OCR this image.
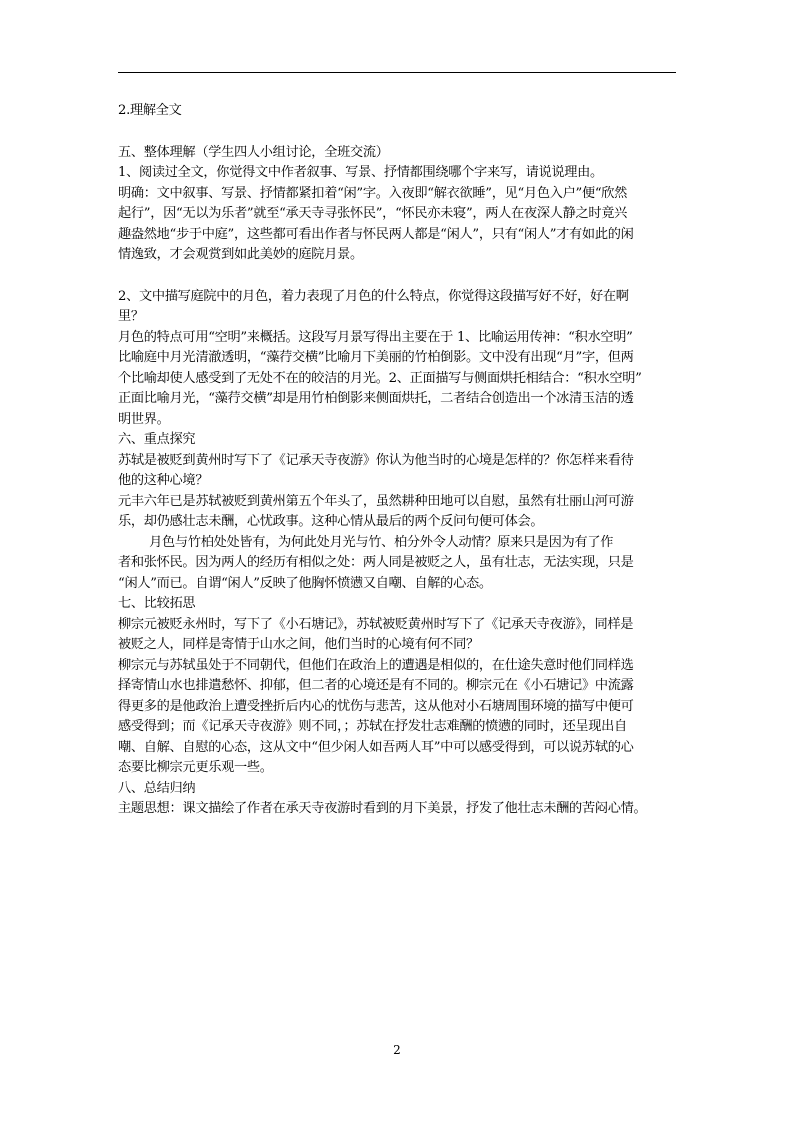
2.理解全文

五、整体理解（学生四人小组讨论，全班交流）

1、阅读过全文，你觉得文中作者叙事、写景、抒情都围绕哪个字来写，请说说理由。

明确：文中叙事、写景、抒情都紧扣着“闲”字。入夜即“解衣欲睡”，见“月色入户”便“欣然

起行”，因“无以为乐者”就至“承天寺寻张怀民”，“怀民亦未寝”，两人在夜深人静之时竟兴

趣盎然地“步于中庭”，这些都可看出作者与怀民两人都是“闲人”，只有“闲人”才有如此的闲

情逸致，才会观赏到如此美妙的庭院月景。

2、文中描写庭院中的月色，着力表现了月色的什么特点，你觉得这段描写好不好，好在啊

里？

月色的特点可用“空明”来概括。这段写月景写得出主要在于 1、比喻运用传神：“积水空明”

比喻庭中月光清澈透明，“藻荇交横”比喻月下美丽的竹柏倒影。文中没有出现“月”字，但两

个比喻却使人感受到了无处不在的皎洁的月光。2、正面描写与侧面烘托相结合：“积水空明”

正面比喻月光，“藻荇交横”却是用竹柏倒影来侧面烘托，二者结合创造出一个冰清玉洁的透

明世界。

六、重点探究

苏轼是被贬到黄州时写下了《记承天寺夜游》你认为他当时的心境是怎样的？你怎样来看待

他的这种心境？

元丰六年已是苏轼被贬到黄州第五个年头了，虽然耕种田地可以自慰，虽然有壮丽山河可游

乐，却仍感壮志未酬，心忧政事。这种心情从最后的两个反问句便可体会。

月色与竹柏处处皆有，为何此处月光与竹、柏分外令人动情？原来只是因为有了作

者和张怀民。因为两人的经历有相似之处：两人同是被贬之人，虽有壮志，无法实现，只是

“闲人”而已。自谓“闲人”反映了他胸怀愤懑又自嘲、自解的心态。

七、比较拓思

柳宗元被贬永州时，写下了《小石塘记》，苏轼被贬黄州时写下了《记承天寺夜游》，同样是

被贬之人，同样是寄情于山水之间，他们当时的心境有何不同？

柳宗元与苏轼虽处于不同朝代，但他们在政治上的遭遇是相似的，在仕途失意时他们同样选

择寄情山水也排遣愁怀、抑郁，但二者的心境还是有不同的。柳宗元在《小石塘记》中流露

得更多的是他政治上遭受挫折后内心的忧伤与悲苦，这从他对小石塘周围环境的描写中便可

感受得到；而《记承天寺夜游》则不同，；苏轼在抒发壮志难酬的愤懑的同时，还呈现出自

嘲、自解、自慰的心态，这从文中“但少闲人如吾两人耳”中可以感受得到，可以说苏轼的心

态要比柳宗元更乐观一些。

八、总结归纳

主题思想：课文描绘了作者在承天寺夜游时看到的月下美景，抒发了他壮志未酬的苦闷心情。

2
